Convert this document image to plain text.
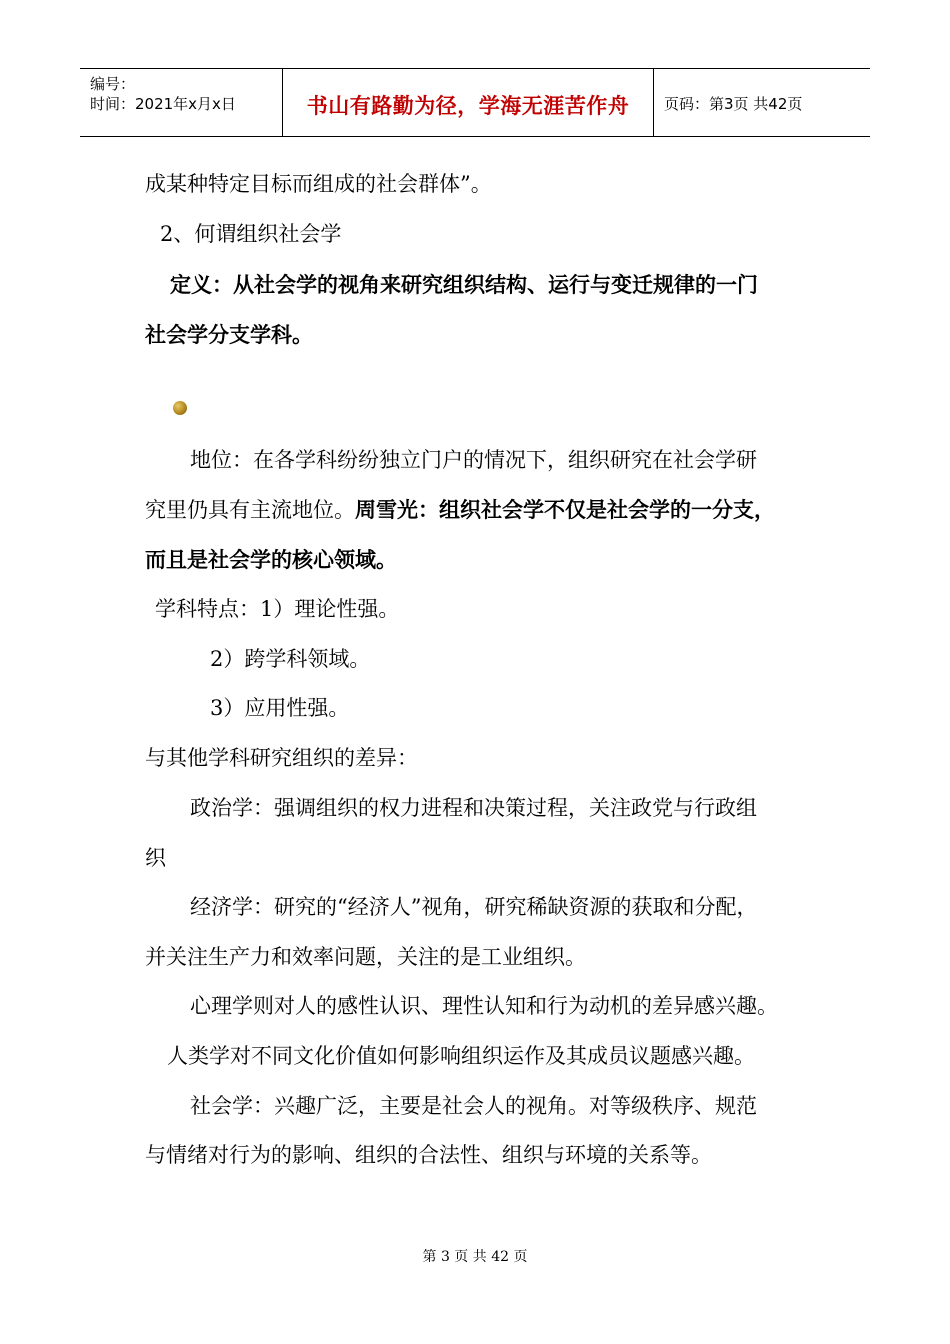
编号：
时间：2021年x月x日	书山有路勤为径，学海无涯苦作舟	页码：第3页 共42页
成某种特定目标而组成的社会群体”。
2、何谓组织社会学
定义：从社会学的视角来研究组织结构、运行与变迁规律的一门
社会学分支学科。
地位：在各学科纷纷独立门户的情况下，组织研究在社会学研
究里仍具有主流地位。周雪光：组织社会学不仅是社会学的一分支，
而且是社会学的核心领域。
学科特点：1）理论性强。
2）跨学科领域。
3）应用性强。
与其他学科研究组织的差异：
政治学：强调组织的权力进程和决策过程，关注政党与行政组
织
经济学：研究的“经济人”视角，研究稀缺资源的获取和分配，
并关注生产力和效率问题，关注的是工业组织。
心理学则对人的感性认识、理性认知和行为动机的差异感兴趣。
人类学对不同文化价值如何影响组织运作及其成员议题感兴趣。
社会学：兴趣广泛，主要是社会人的视角。对等级秩序、规范
与情绪对行为的影响、组织的合法性、组织与环境的关系等。
第 3 页 共 42 页
